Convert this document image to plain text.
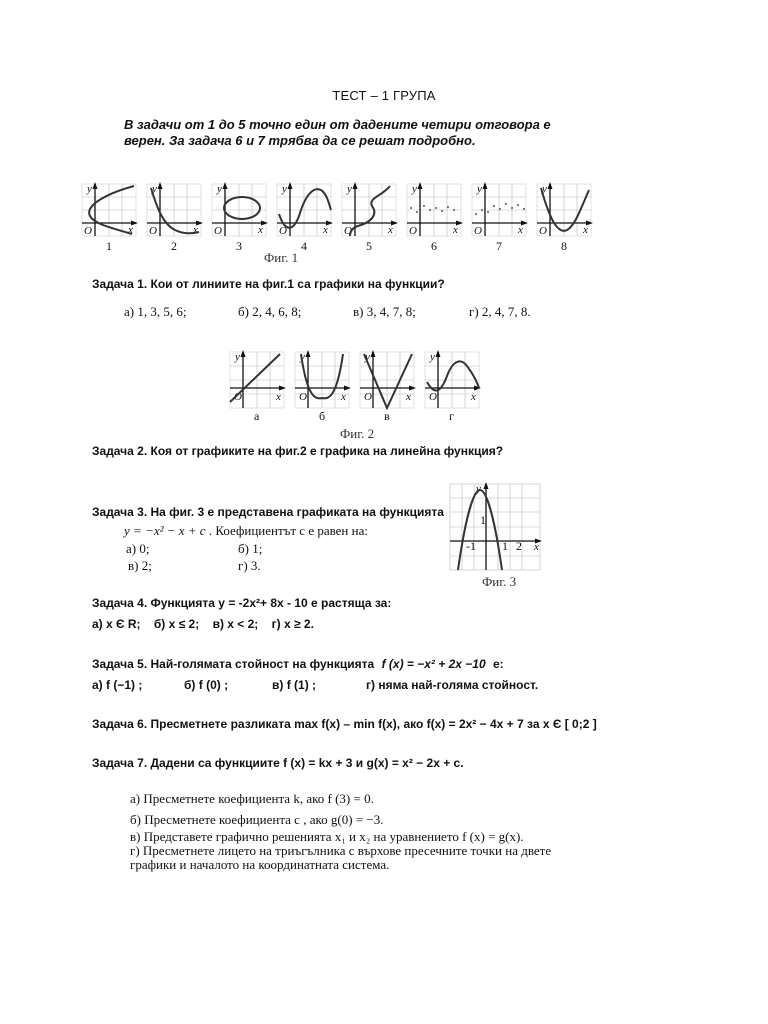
ТЕСТ – 1 ГРУПА
В задачи от 1 до 5 точно един от дадените четири отговора е
верен. За задача 6 и 7 трябва да се решат подробно.
y
x
O
1
y
x
O
2
y
x
O
3
y
x
O
4
y
x
O
5
y
x
O
6
y
x
O
7
y
x
O
8
Фиг. 1
Задача 1. Кои от линиите на фиг.1 са графики на функции?
а) 1, 3, 5, 6;	б) 2, 4, 6, 8;	в) 3, 4, 7, 8;	г) 2, 4, 7, 8.
y
x
O
а
y
x
O
б
y
x
O
в
y
x
O
г
Фиг. 2
Задача 2. Коя от графиките на фиг.2 е графика на линейна функция?
Задача 3. На фиг. 3 е представена графиката на функцията
y = −x² − x + c . Коефициентът c е равен на:
а) 0;	б) 1;
в) 2;	г) 3.
y
x
-1 1 2
1
Фиг. 3
Задача 4. Функцията y = -2x²+ 8x - 10 е растяща за:
а) x Є R; б) x ≤ 2; в) x < 2; г) x ≥ 2.
Задача 5. Най-голямата стойност на функцията f (x) = −x² + 2x −10 е:
а) f (−1) ;	б) f (0) ;	в) f (1) ;	г) няма най-голяма стойност.
Задача 6. Пресметнете разликата max f(x) – min f(x), ако f(x) = 2x² − 4x + 7 за x Є [ 0;2 ]
Задача 7. Дадени са функциите f (x) = kx + 3 и g(x) = x² − 2x + c.
а) Пресметнете коефициента k, ако f (3) = 0.
б) Пресметнете коефициента c , ако g(0) = −3.
в) Представете графично решенията x₁ и x₂ на уравнението f (x) = g(x).
г) Пресметнете лицето на триъгълника с върхове пресечните точки на двете
графики и началото на координатната система.
